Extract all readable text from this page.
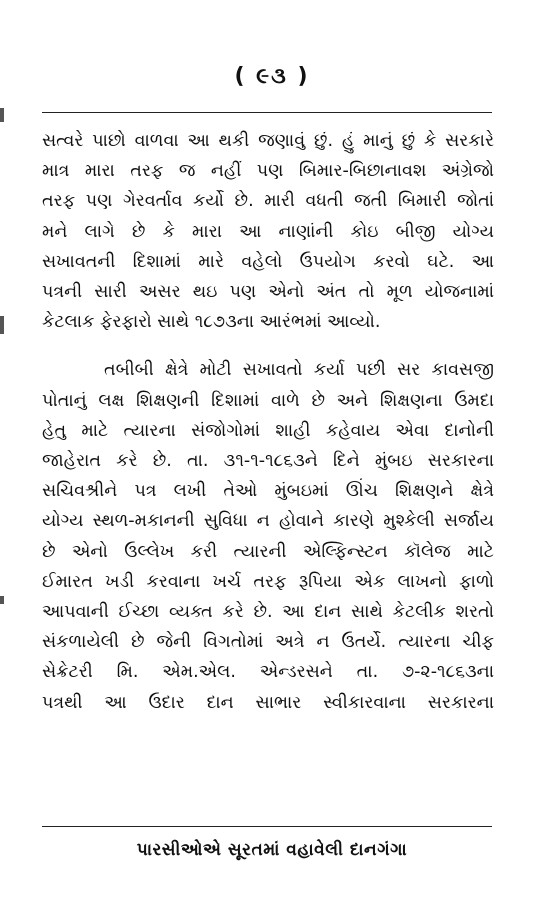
( ૯૩ )

સત્વરે પાછો વાળવા આ થકી જણાવું છું. હું માનું છું કે સરકારે
માત્ર મારા તરફ જ નહીં પણ બિમાર-બિછાનાવશ અંગ્રેજો
તરફ પણ ગેરવર્તાવ કર્યો છે. મારી વધતી જતી બિમારી જોતાં
મને લાગે છે કે મારા આ નાણાંની કોઇ બીજી યોગ્ય
સખાવતની દિશામાં મારે વહેલો ઉપયોગ કરવો ઘટે. આ
પત્રની સારી અસર થઇ પણ એનો અંત તો મૂળ યોજનામાં
કેટલાક ફેરફારો સાથે ૧૮૭૩ના આરંભમાં આવ્યો.

તબીબી ક્ષેત્રે મોટી સખાવતો કર્યા પછી સર કાવસજી
પોતાનું લક્ષ શિક્ષણની દિશામાં વાળે છે અને શિક્ષણના ઉમદા
હેતુ માટે ત્યારના સંજોગોમાં શાહી કહેવાય એવા દાનોની
જાહેરાત કરે છે. તા. ૩૧-૧-૧૮૬૩ને દિને મુંબઇ સરકારના
સચિવશ્રીને પત્ર લખી તેઓ મુંબઇમાં ઊંચ શિક્ષણને ક્ષેત્રે
યોગ્ય સ્થળ-મકાનની સુવિધા ન હોવાને કારણે મુશ્કેલી સર્જાય
છે એનો ઉલ્લેખ કરી ત્યારની એલ્ફિન્સ્ટન કૉલેજ માટે
ઈમારત ખડી કરવાના ખર્ચ તરફ રૂપિયા એક લાખનો ફાળો
આપવાની ઈચ્છા વ્યક્ત કરે છે. આ દાન સાથે કેટલીક શરતો
સંકળાયેલી છે જેની વિગતોમાં અત્રે ન ઉતર્યે. ત્યારના ચીફ
સેક્રેટરી મિ. એમ.એલ. એન્ડરસને તા. ૭-૨-૧૮૬૩ના
પત્રથી આ ઉદાર દાન સાભાર સ્વીકારવાના સરકારના

પારસીઓએ સૂરતમાં વહાવેલી દાનગંગા
